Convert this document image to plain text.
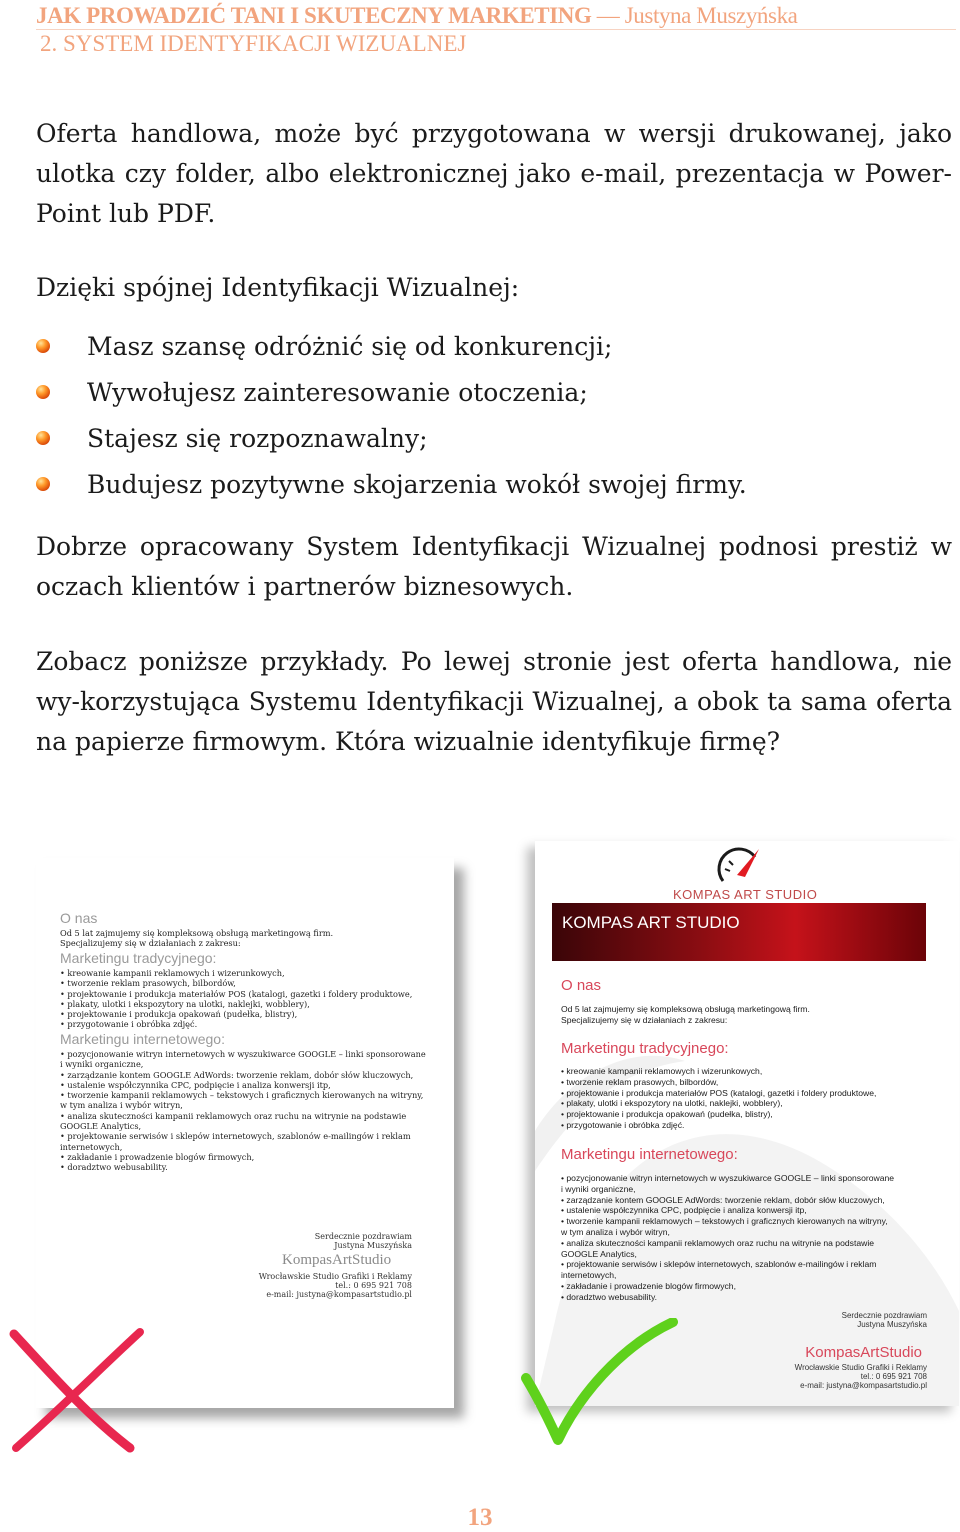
JAK PROWADZIĆ TANI I SKUTECZNY MARKETING — Justyna Muszyńska
2. SYSTEM IDENTYFIKACJI WIZUALNEJ

Oferta handlowa, może być przygotowana w wersji drukowanej, jako ulotka czy folder, albo elektronicznej jako e-mail, prezentacja w Power-Point lub PDF.

Dzięki spójnej Identyfikacji Wizualnej:

Masz szansę odróżnić się od konkurencji;
Wywołujesz zainteresowanie otoczenia;
Stajesz się rozpoznawalny;
Budujesz pozytywne skojarzenia wokół swojej firmy.

Dobrze opracowany System Identyfikacji Wizualnej podnosi prestiż w oczach klientów i partnerów biznesowych.

Zobacz poniższe przykłady. Po lewej stronie jest oferta handlowa, nie wy-korzystująca Systemu Identyfikacji Wizualnej, a obok ta sama oferta na papierze firmowym. Która wizualnie identyfikuje firmę?

O nas
Od 5 lat zajmujemy się kompleksową obsługą marketingową firm.
Specjalizujemy się w działaniach z zakresu:
Marketingu tradycyjnego:
• kreowanie kampanii reklamowych i wizerunkowych,
• tworzenie reklam prasowych, bilbordów,
• projektowanie i produkcja materiałów POS (katalogi, gazetki i foldery produktowe,
• plakaty, ulotki i ekspozytory na ulotki, naklejki, wobblery),
• projektowanie i produkcja opakowań (pudełka, blistry),
• przygotowanie i obróbka zdjęć.
Marketingu internetowego:
• pozycjonowanie witryn internetowych w wyszukiwarce GOOGLE – linki sponsorowane
i wyniki organiczne,
• zarządzanie kontem GOOGLE AdWords: tworzenie reklam, dobór słów kluczowych,
• ustalenie współczynnika CPC, podpięcie i analiza konwersji itp,
• tworzenie kampanii reklamowych – tekstowych i graficznych kierowanych na witryny,
w tym analiza i wybór witryn,
• analiza skuteczności kampanii reklamowych oraz ruchu na witrynie na podstawie
GOOGLE Analytics,
• projektowanie serwisów i sklepów internetowych, szablonów e-mailingów i reklam
internetowych,
• zakładanie i prowadzenie blogów firmowych,
• doradztwo webusability.
Serdecznie pozdrawiam
Justyna Muszyńska
KompasArtStudio
Wrocławskie Studio Grafiki i Reklamy
tel.: 0 695 921 708
e-mail: justyna@kompasartstudio.pl
KOMPAS ART STUDIO
KOMPAS ART STUDIO
O nas
Od 5 lat zajmujemy się kompleksową obsługą marketingową firm.
Specjalizujemy się w działaniach z zakresu:
Marketingu tradycyjnego:
• kreowanie kampanii reklamowych i wizerunkowych,
• tworzenie reklam prasowych, bilbordów,
• projektowanie i produkcja materiałów POS (katalogi, gazetki i foldery produktowe,
• plakaty, ulotki i ekspozytory na ulotki, naklejki, wobblery),
• projektowanie i produkcja opakowań (pudełka, blistry),
• przygotowanie i obróbka zdjęć.
Marketingu internetowego:
• pozycjonowanie witryn internetowych w wyszukiwarce GOOGLE – linki sponsorowane
i wyniki organiczne,
• zarządzanie kontem GOOGLE AdWords: tworzenie reklam, dobór słów kluczowych,
• ustalenie współczynnika CPC, podpięcie i analiza konwersji itp,
• tworzenie kampanii reklamowych – tekstowych i graficznych kierowanych na witryny,
w tym analiza i wybór witryn,
• analiza skuteczności kampanii reklamowych oraz ruchu na witrynie na podstawie
GOOGLE Analytics,
• projektowanie serwisów i sklepów internetowych, szablonów e-mailingów i reklam
internetowych,
• zakładanie i prowadzenie blogów firmowych,
• doradztwo webusability.
Serdecznie pozdrawiam
Justyna Muszyńska
KompasArtStudio
Wrocławskie Studio Grafiki i Reklamy
tel.: 0 695 921 708
e-mail: justyna@kompasartstudio.pl
13
